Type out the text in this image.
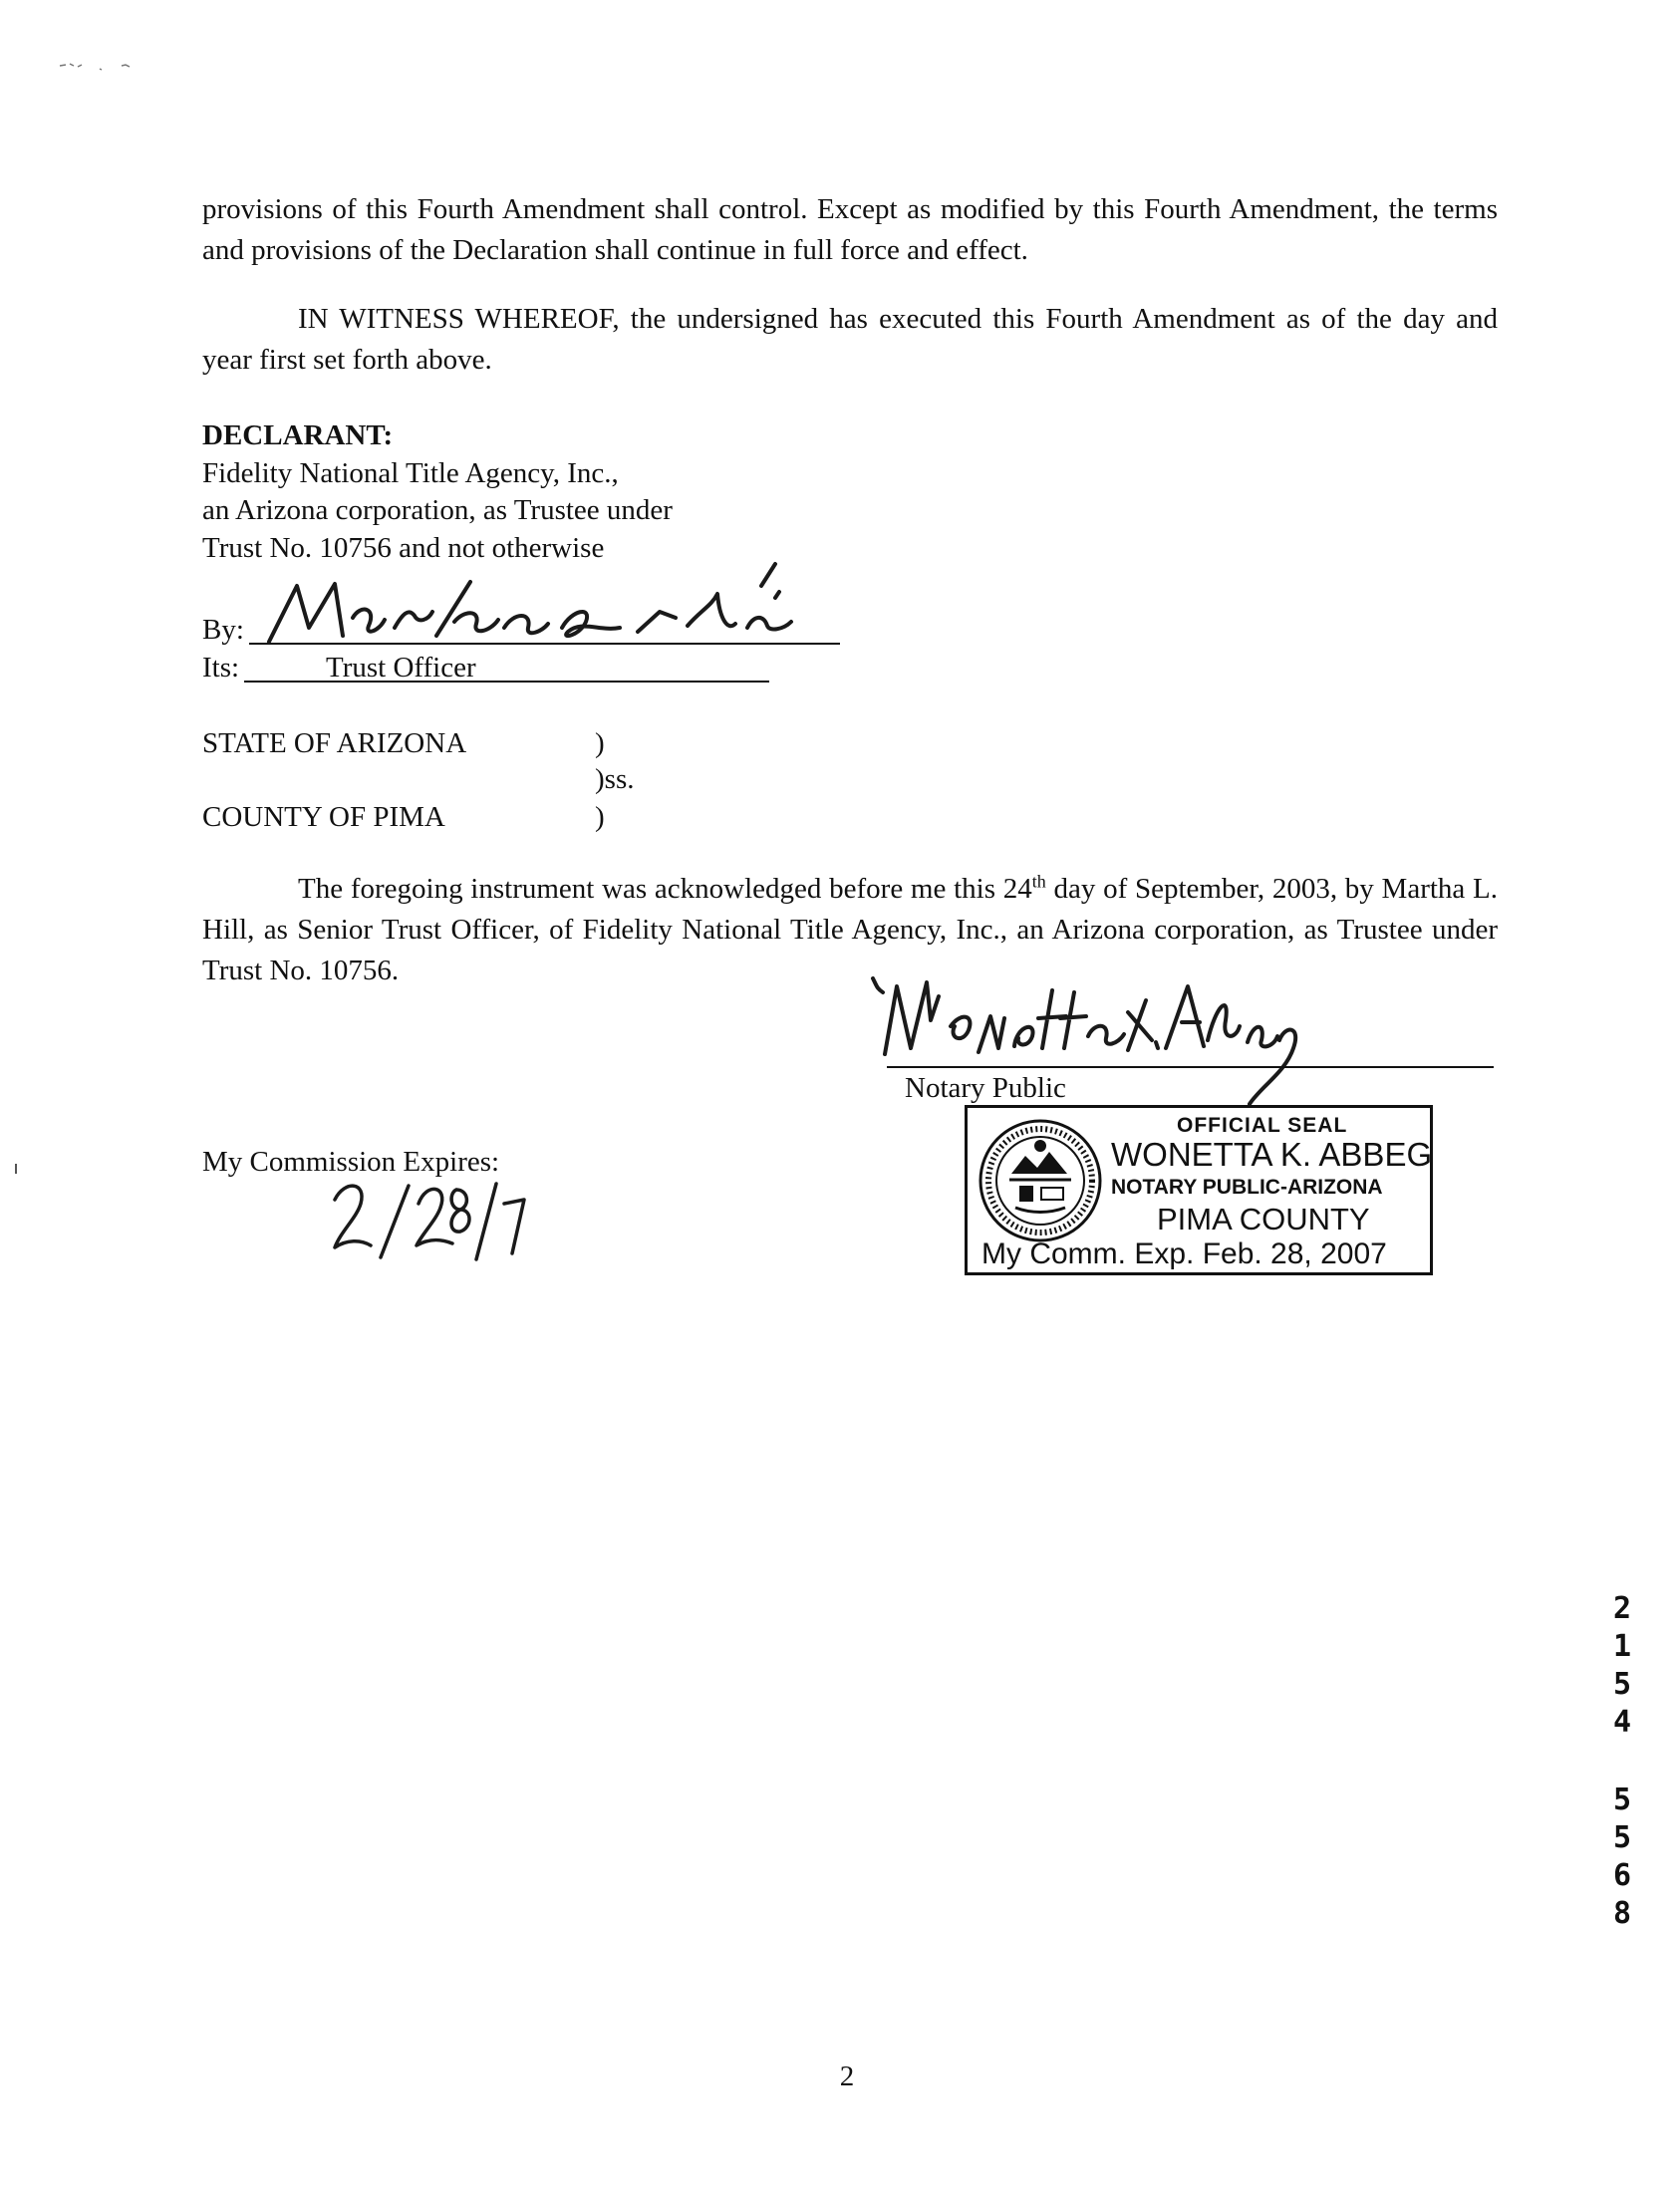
provisions of this Fourth Amendment shall control. Except as modified by this Fourth Amendment, the terms and provisions of the Declaration shall continue in full force and effect.
IN WITNESS WHEREOF, the undersigned has executed this Fourth Amendment as of the day and year first set forth above.
DECLARANT:
Fidelity National Title Agency, Inc.,
an Arizona corporation, as Trustee under
Trust No. 10756 and not otherwise
By:
Its:	Trust Officer
STATE OF ARIZONA	)
)ss.
COUNTY OF PIMA	)
The foregoing instrument was acknowledged before me this 24th day of September, 2003, by Martha L. Hill, as Senior Trust Officer, of Fidelity National Title Agency, Inc., an Arizona corporation, as Trustee under Trust No. 10756.
Notary Public
My Commission Expires:
OFFICIAL SEAL
WONETTA K. ABBEG
NOTARY PUBLIC-ARIZONA
PIMA COUNTY
My Comm. Exp. Feb. 28, 2007
2
1
5
4
5
5
6
8
2
